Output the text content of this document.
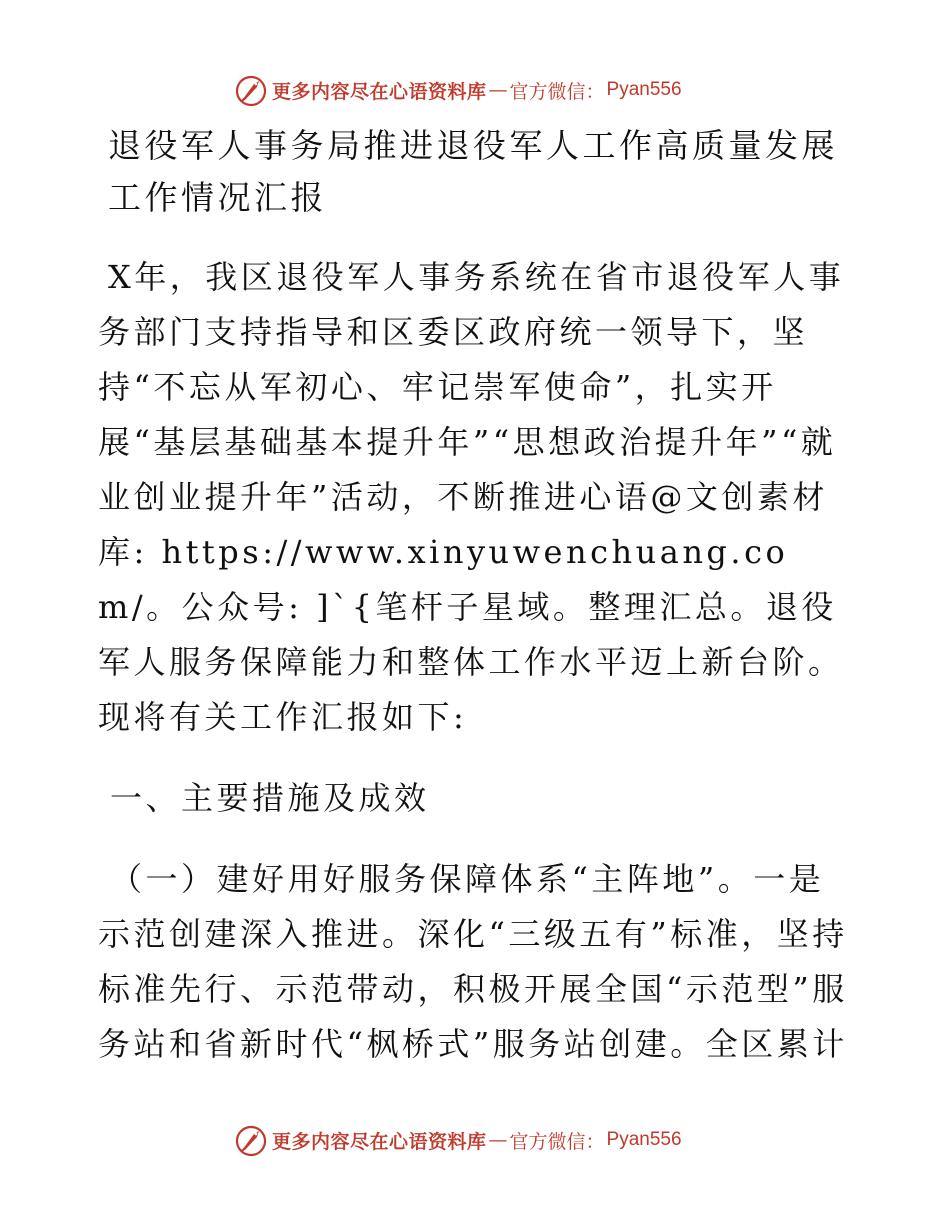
更多内容尽在心语资料库 — 官方微信： Pyan556
退役军人事务局推进退役军人工作高质量发展工作情况汇报

X年，我区退役军人事务系统在省市退役军人事务部门支持指导和区委区政府统一领导下，坚持“不忘从军初心、牢记崇军使命”，扎实开展“基层基础基本提升年”“思想政治提升年”“就业创业提升年”活动，不断推进心语@文创素材库: https://www.xinyuwenchuang.com/。公众号: ]`{笔杆子星域。整理汇总。退役军人服务保障能力和整体工作水平迈上新台阶。现将有关工作汇报如下:

一、主要措施及成效

（一）建好用好服务保障体系“主阵地”。一是示范创建深入推进。深化“三级五有”标准，坚持标准先行、示范带动，积极开展全国“示范型”服务站和省新时代“枫桥式”服务站创建。全区累计

更多内容尽在心语资料库 — 官方微信： Pyan556
